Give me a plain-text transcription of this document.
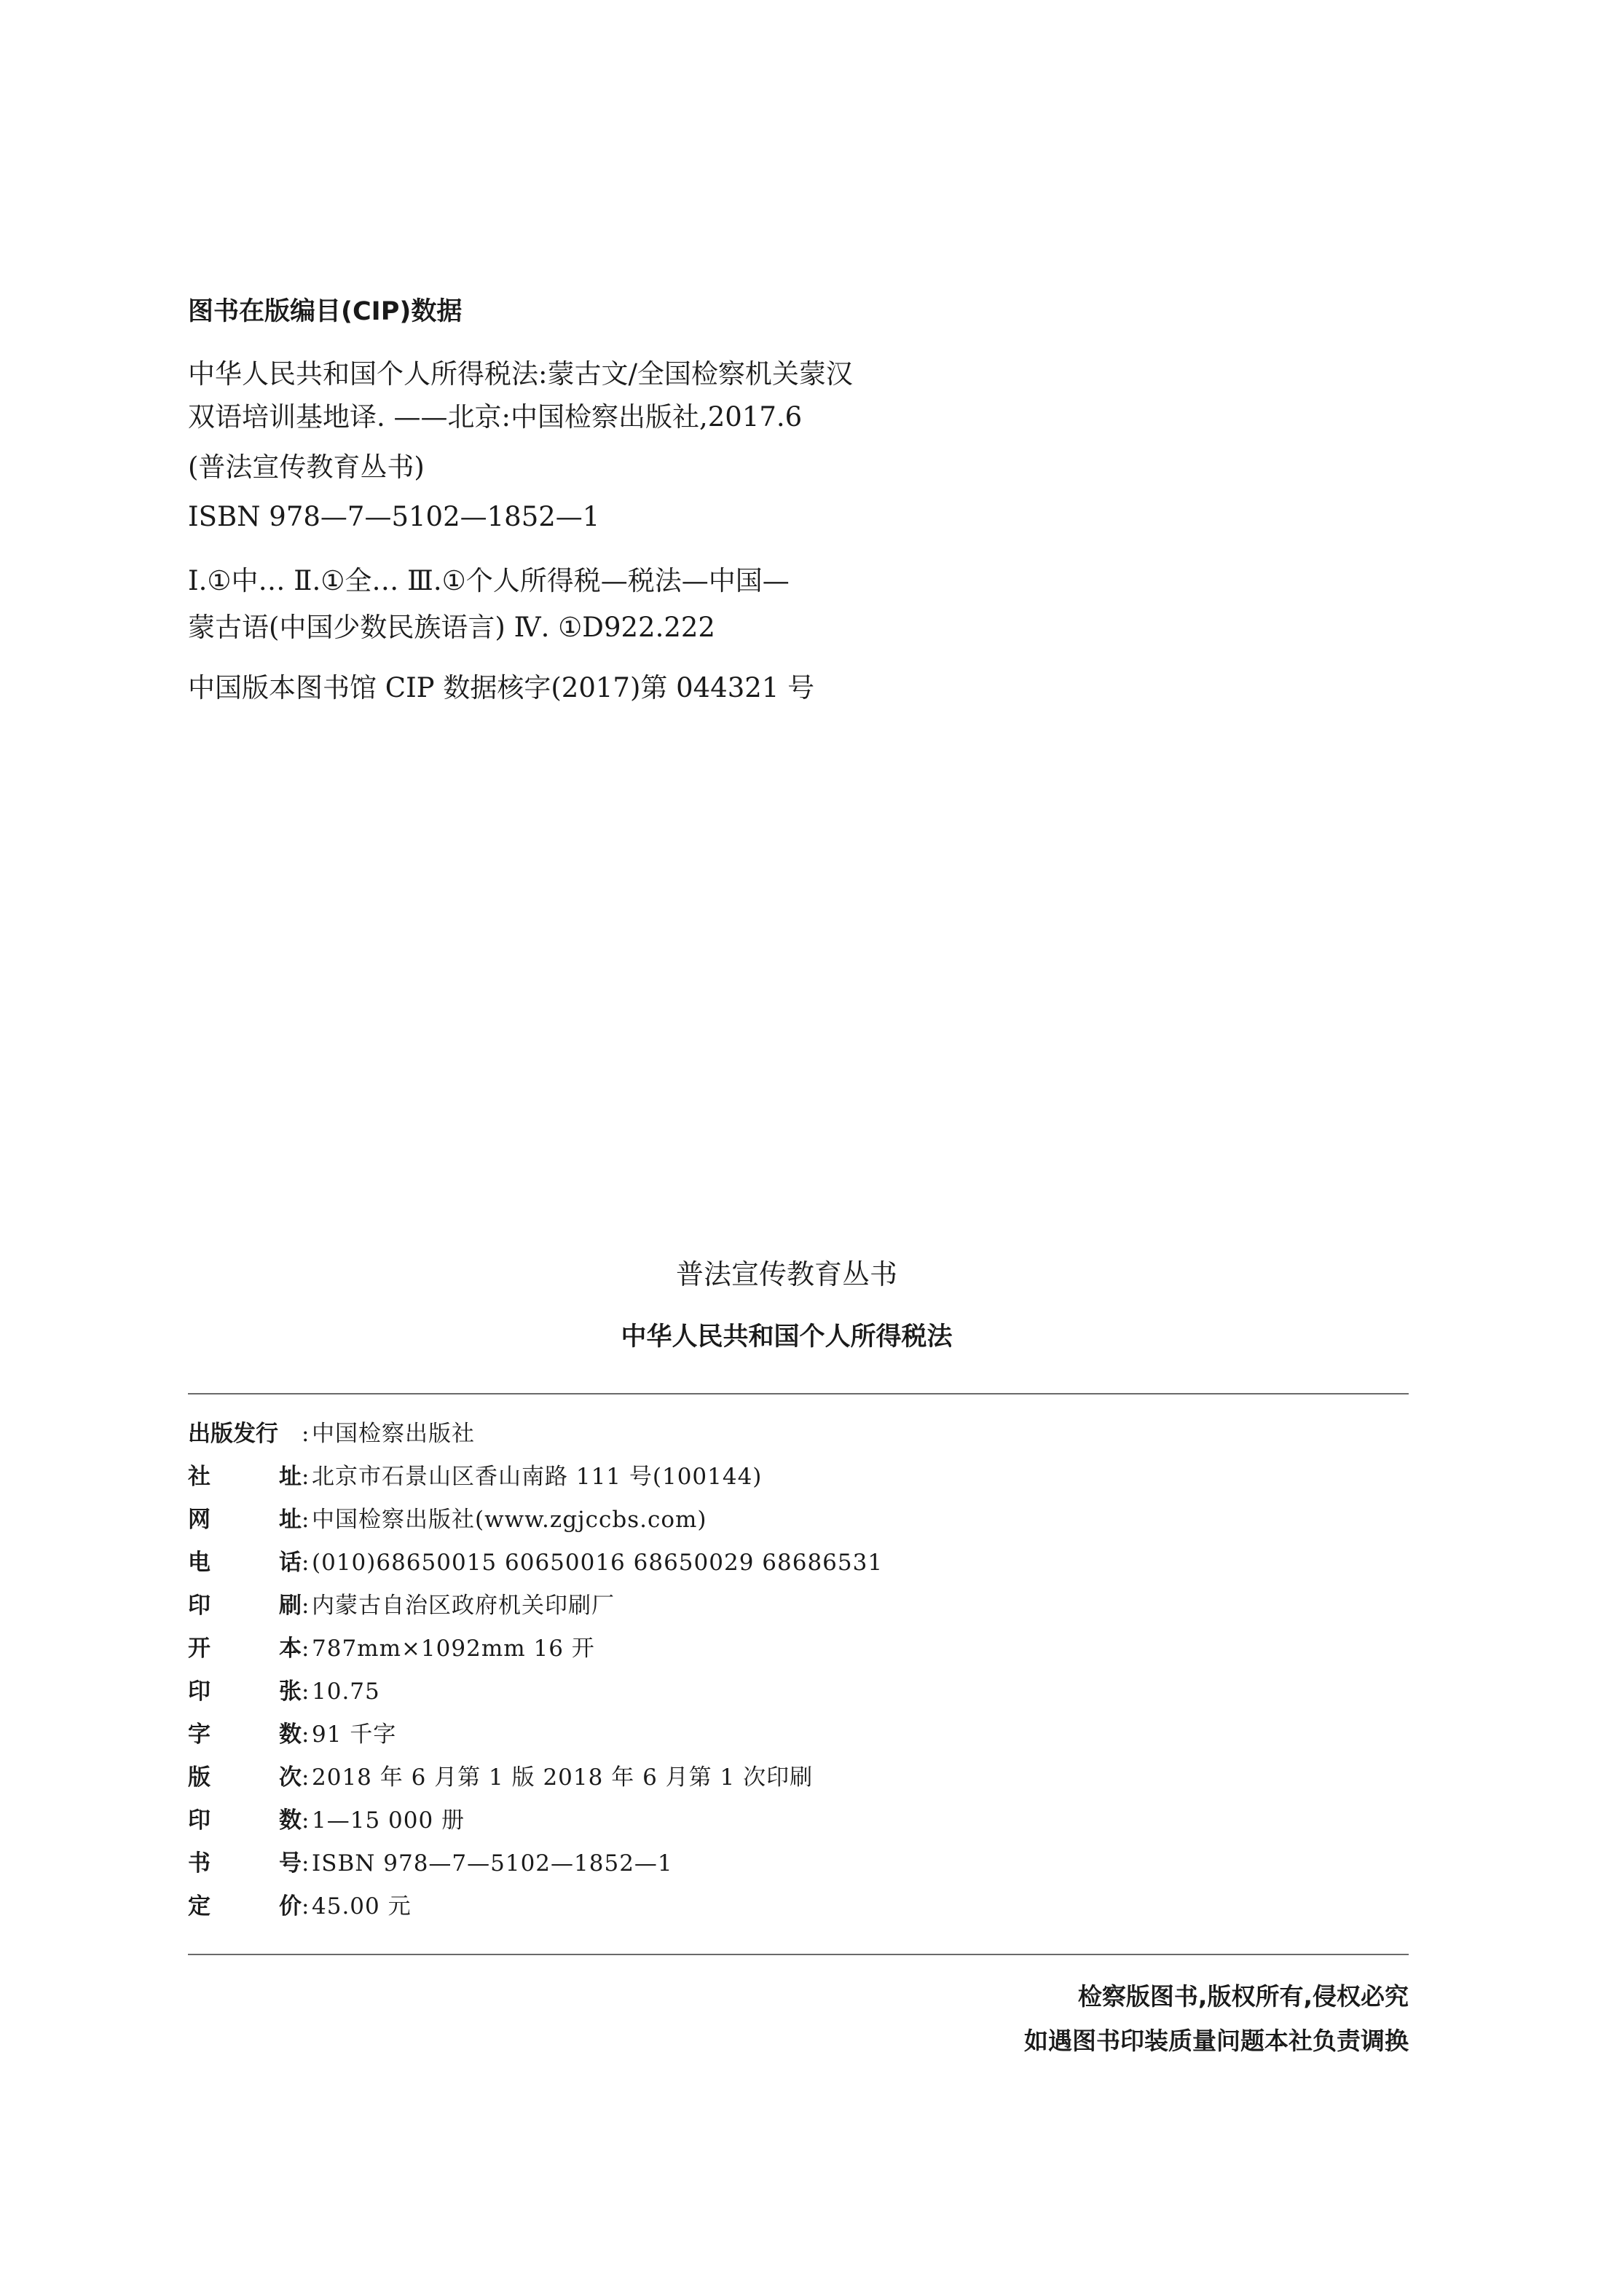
图书在版编目(CIP)数据
中华人民共和国个人所得税法:蒙古文/全国检察机关蒙汉
双语培训基地译. ——北京:中国检察出版社,2017.6
(普法宣传教育丛书)
ISBN 978—7—5102—1852—1
Ⅰ.①中… Ⅱ.①全… Ⅲ.①个人所得税—税法—中国—
蒙古语(中国少数民族语言) Ⅳ. ①D922.222
中国版本图书馆 CIP 数据核字(2017)第 044321 号
普法宣传教育丛书
中华人民共和国个人所得税法
出版发行 : 中国检察出版社
社	址 : 北京市石景山区香山南路 111 号(100144)
网	址 : 中国检察出版社(www.zgjccbs.com)
电	话 : (010)68650015 60650016 68650029 68686531
印	刷 : 内蒙古自治区政府机关印刷厂
开	本 : 787mm×1092mm 16 开
印	张 : 10.75
字	数 : 91 千字
版	次 : 2018 年 6 月第 1 版 2018 年 6 月第 1 次印刷
印	数 : 1—15 000 册
书	号 : ISBN 978—7—5102—1852—1
定	价 : 45.00 元
检察版图书,版权所有,侵权必究
如遇图书印装质量问题本社负责调换
